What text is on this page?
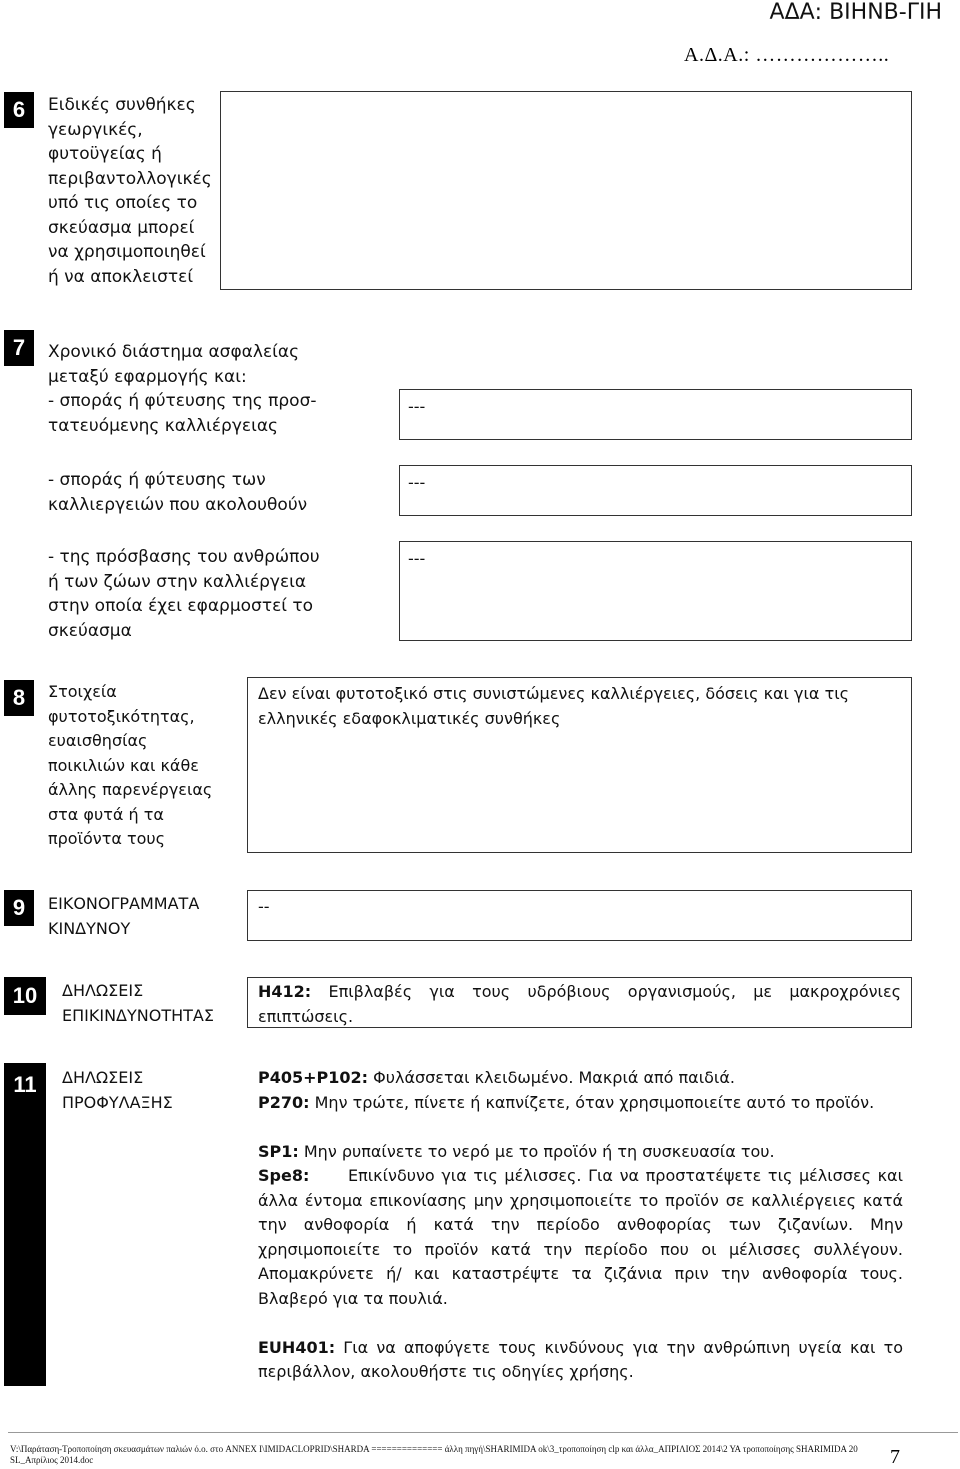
ΑΔΑ: ΒΙΗΝΒ-ΓΙΗ
Α.Δ.Α.: ………………..
6	Ειδικές συνθήκες
γεωργικές,
φυτοϋγείας ή
περιβαντολλογικές
υπό τις οποίες το
σκεύασμα μπορεί
να χρησιμοποιηθεί
ή να αποκλειστεί
7	Χρονικό διάστημα ασφαλείας
μεταξύ εφαρμογής και:
- σποράς ή φύτευσης της προσ-
τατευόμενης καλλιέργειας
---
- σποράς ή φύτευσης των
καλλιεργειών που ακολουθούν
---
- της πρόσβασης του ανθρώπου
ή των ζώων στην καλλιέργεια
στην οποία έχει εφαρμοστεί το
σκεύασμα
---
8	Στοιχεία
φυτοτοξικότητας,
ευαισθησίας
ποικιλιών και κάθε
άλλης παρενέργειας
στα φυτά ή τα
προϊόντα τους
Δεν είναι φυτοτοξικό στις συνιστώμενες καλλιέργειες, δόσεις και για τις ελληνικές εδαφοκλιματικές συνθήκες
9	ΕΙΚΟΝΟΓΡΑΜΜΑΤΑ
ΚΙΝΔΥΝΟΥ
--
10	ΔΗΛΩΣΕΙΣ
ΕΠΙΚΙΝΔΥΝΟΤΗΤΑΣ
H412: Επιβλαβές για τους υδρόβιους οργανισμούς, με μακροχρόνιες επιπτώσεις.
11	ΔΗΛΩΣΕΙΣ
ΠΡΟΦΥΛΑΞΗΣ
P405+P102: Φυλάσσεται κλειδωμένο. Μακριά από παιδιά.
P270: Μην τρώτε, πίνετε ή καπνίζετε, όταν χρησιμοποιείτε αυτό το προϊόν.
SP1: Μην ρυπαίνετε το νερό με το προϊόν ή τη συσκευασία του.
Spe8: Επικίνδυνο για τις μέλισσες. Για να προστατέψετε τις μέλισσες και άλλα έντομα επικονίασης μην χρησιμοποιείτε το προϊόν σε καλλιέργειες κατά την ανθοφορία ή κατά την περίοδο ανθοφορίας των ζιζανίων. Μην χρησιμοποιείτε το προϊόν κατά την περίοδο που οι μέλισσες συλλέγουν. Απομακρύνετε ή/ και καταστρέψτε τα ζιζάνια πριν την ανθοφορία τους. Βλαβερό για τα πουλιά.
EUH401: Για να αποφύγετε τους κινδύνους για την ανθρώπινη υγεία και το περιβάλλον, ακολουθήστε τις οδηγίες χρήσης.
V:\Παράταση-Τροποποίηση σκευασμάτων παλιών ό.ο. στο ANNEX I\IMIDACLOPRID\SHARDA ============== άλλη πηγή\SHARIMIDA ok\3_τροποποίηση clp και άλλα_ΑΠΡΙΛΙΟΣ 2014\2 ΥΑ τροποποίησης SHARIMIDA 20
SL_Απρίλιος 2014.doc	7
